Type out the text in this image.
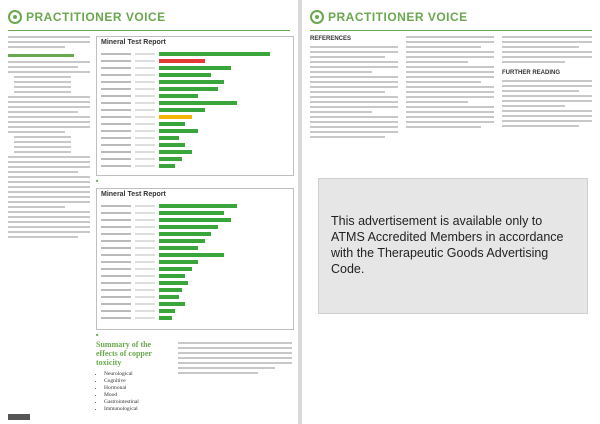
PRACTITIONER VOICE
Mineral Test Report
■
Mineral Test Report
■
Summary of the effects of copper toxicity
• Neurological
• Cognitive
• Hormonal
• Mood
• Gastrointestinal
• Immunological
PRACTITIONER VOICE
REFERENCES
FURTHER READING
This advertisement is available only to ATMS Accredited Members in accordance with the Therapeutic Goods Advertising Code.
